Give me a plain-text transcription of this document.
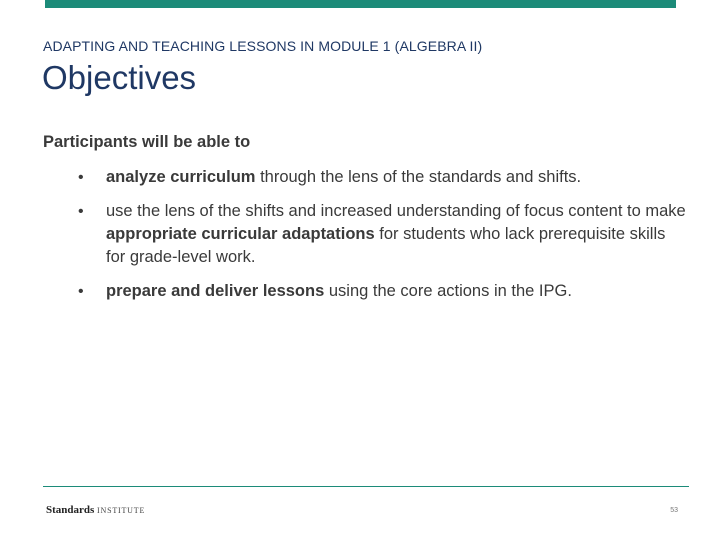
ADAPTING AND TEACHING LESSONS IN MODULE 1 (ALGEBRA II)
Objectives
Participants will be able to
• analyze curriculum through the lens of the standards and shifts.
• use the lens of the shifts and increased understanding of focus content to make appropriate curricular adaptations for students who lack prerequisite skills for grade-level work.
• prepare and deliver lessons using the core actions in the IPG.
Standards INSTITUTE	53
